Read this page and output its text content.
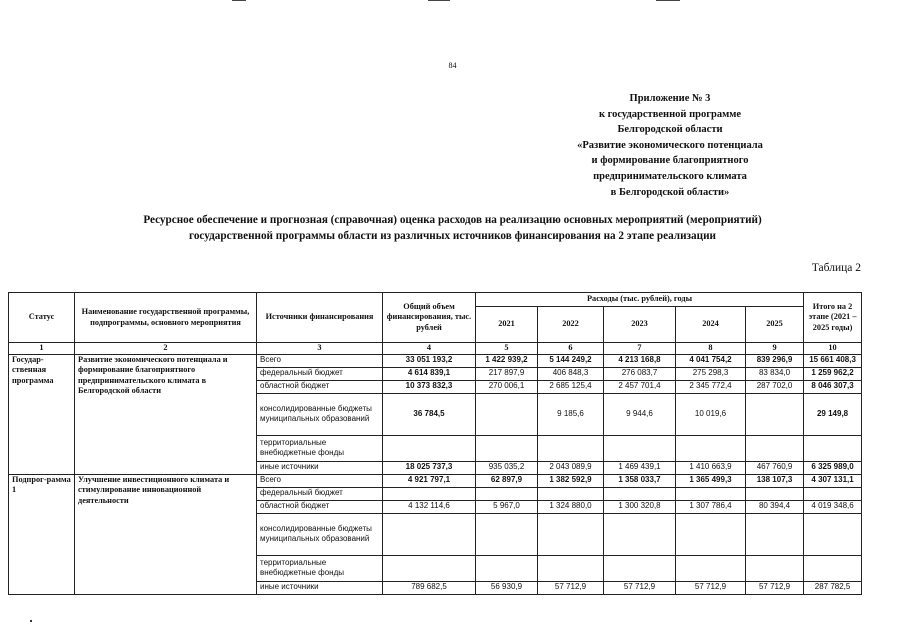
84
Приложение № 3
к государственной программе
Белгородской области
«Развитие экономического потенциала
и формирование благоприятного
предпринимательского климата
в Белгородской области»
Ресурсное обеспечение и прогнозная (справочная) оценка расходов на реализацию основных мероприятий (мероприятий)
государственной программы области из различных источников финансирования на 2 этапе реализации
Таблица 2
Статус	Наименование государственной программы, подпрограммы, основного мероприятия	Источники финансирования	Общий объем финансирования, тыс. рублей	Расходы (тыс. рублей), годы					Итого на 2 этапе (2021 – 2025 годы)
				2021	2022	2023	2024	2025	
1	2	3	4	5	6	7	8	9	10
Государ-ственная программа	Развитие экономического потенциала и формирование благоприятного предпринимательского климата в Белгородской области	Всего	33 051 193,2	1 422 939,2	5 144 249,2	4 213 168,8	4 041 754,2	839 296,9	15 661 408,3
		федеральный бюджет	4 614 839,1	217 897,9	406 848,3	276 083,7	275 298,3	83 834,0	1 259 962,2
		областной бюджет	10 373 832,3	270 006,1	2 685 125,4	2 457 701,4	2 345 772,4	287 702,0	8 046 307,3
		консолидированные бюджеты муниципальных образований	36 784,5		9 185,6	9 944,6	10 019,6		29 149,8
		территориальные внебюджетные фонды							
		иные источники	18 025 737,3	935 035,2	2 043 089,9	1 469 439,1	1 410 663,9	467 760,9	6 325 989,0
Подпрог-рамма 1	Улучшение инвестиционного климата и стимулирование инновационной деятельности	Всего	4 921 797,1	62 897,9	1 382 592,9	1 358 033,7	1 365 499,3	138 107,3	4 307 131,1
		федеральный бюджет							
		областной бюджет	4 132 114,6	5 967,0	1 324 880,0	1 300 320,8	1 307 786,4	80 394,4	4 019 348,6
		консолидированные бюджеты муниципальных образований							
		территориальные внебюджетные фонды							
		иные источники	789 682,5	56 930,9	57 712,9	57 712,9	57 712,9	57 712,9	287 782,5
